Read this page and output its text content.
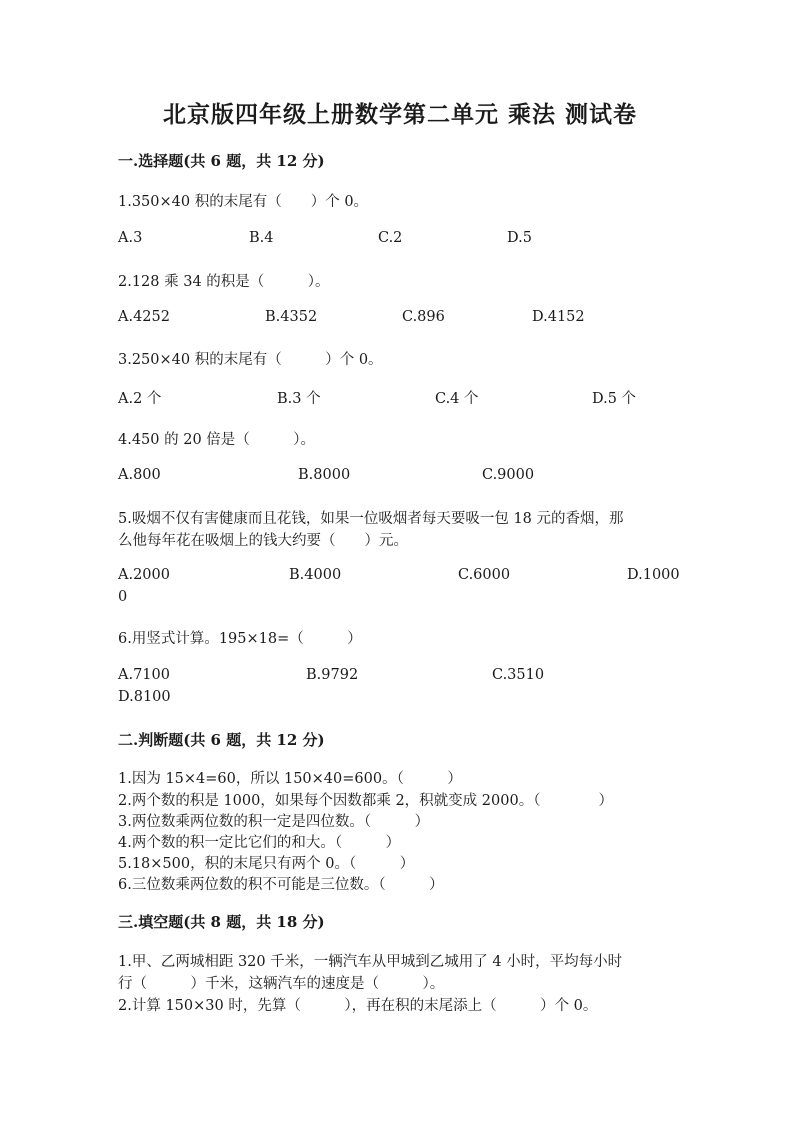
北京版四年级上册数学第二单元 乘法 测试卷
一.选择题(共 6 题，共 12 分)
1.350×40 积的末尾有（　　）个 0。
A.3	B.4	C.2	D.5
2.128 乘 34 的积是（　　　）。
A.4252	B.4352	C.896	D.4152
3.250×40 积的末尾有（　　　）个 0。
A.2 个	B.3 个	C.4 个	D.5 个
4.450 的 20 倍是（　　　）。
A.800	B.8000	C.9000
5.吸烟不仅有害健康而且花钱，如果一位吸烟者每天要吸一包 18 元的香烟，那
么他每年花在吸烟上的钱大约要（　　）元。
A.2000	B.4000	C.6000	D.1000
0
6.用竖式计算。195×18=（　　　）
A.7100	B.9792	C.3510
D.8100
二.判断题(共 6 题，共 12 分)
1.因为 15×4=60，所以 150×40=600。（　　　）
2.两个数的积是 1000，如果每个因数都乘 2，积就变成 2000。（　　　　）
3.两位数乘两位数的积一定是四位数。（　　　）
4.两个数的积一定比它们的和大。（　　　）
5.18×500，积的末尾只有两个 0。（　　　）
6.三位数乘两位数的积不可能是三位数。（　　　）
三.填空题(共 8 题，共 18 分)
1.甲、乙两城相距 320 千米，一辆汽车从甲城到乙城用了 4 小时，平均每小时
行（　　　）千米，这辆汽车的速度是（　　　）。
2.计算 150×30 时，先算（　　　），再在积的末尾添上（　　　）个 0。
